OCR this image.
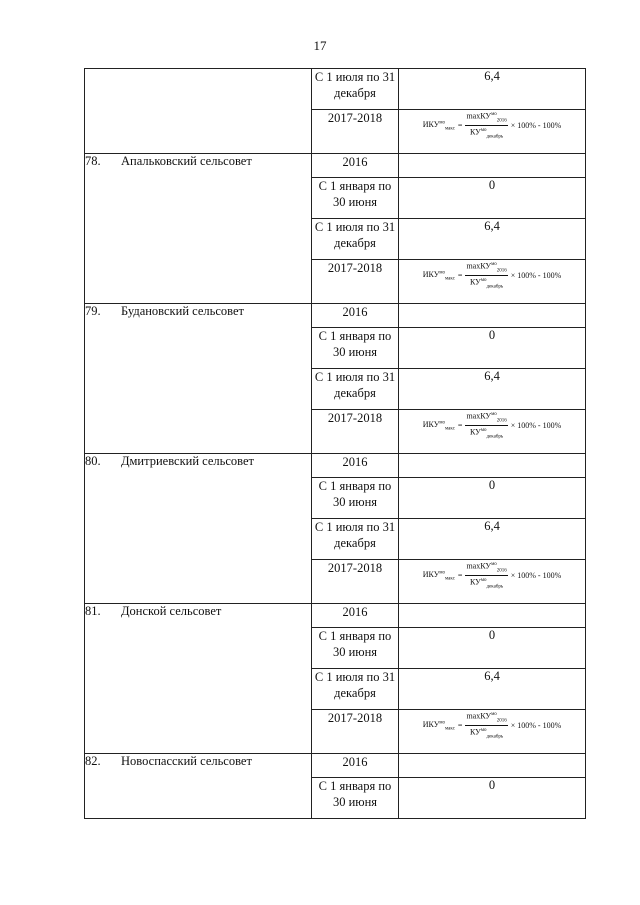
17
	С 1 июля по 31 декабря	6,4
	2017-2018	$ИКУ^{мо}_{макс} = \frac{\max КУ^{мо}_{2016}}{КУ^{мо}_{декабрь}} \times 100\% - 100\%$

78. Апальковский сельсовет	2016	
	С 1 января по 30 июня	0
	С 1 июля по 31 декабря	6,4
	2017-2018	$ИКУ^{мо}_{макс} = \frac{\max КУ^{мо}_{2016}}{КУ^{мо}_{декабрь}} \times 100\% - 100\%$

79. Будановский сельсовет	2016	
	С 1 января по 30 июня	0
	С 1 июля по 31 декабря	6,4
	2017-2018	$ИКУ^{мо}_{макс} = \frac{\max КУ^{мо}_{2016}}{КУ^{мо}_{декабрь}} \times 100\% - 100\%$

80. Дмитриевский сельсовет	2016	
	С 1 января по 30 июня	0
	С 1 июля по 31 декабря	6,4
	2017-2018	$ИКУ^{мо}_{макс} = \frac{\max КУ^{мо}_{2016}}{КУ^{мо}_{декабрь}} \times 100\% - 100\%$

81. Донской сельсовет	2016	
	С 1 января по 30 июня	0
	С 1 июля по 31 декабря	6,4
	2017-2018	$ИКУ^{мо}_{макс} = \frac{\max КУ^{мо}_{2016}}{КУ^{мо}_{декабрь}} \times 100\% - 100\%$

82. Новоспасский сельсовет	2016	
	С 1 января по 30 июня	0
